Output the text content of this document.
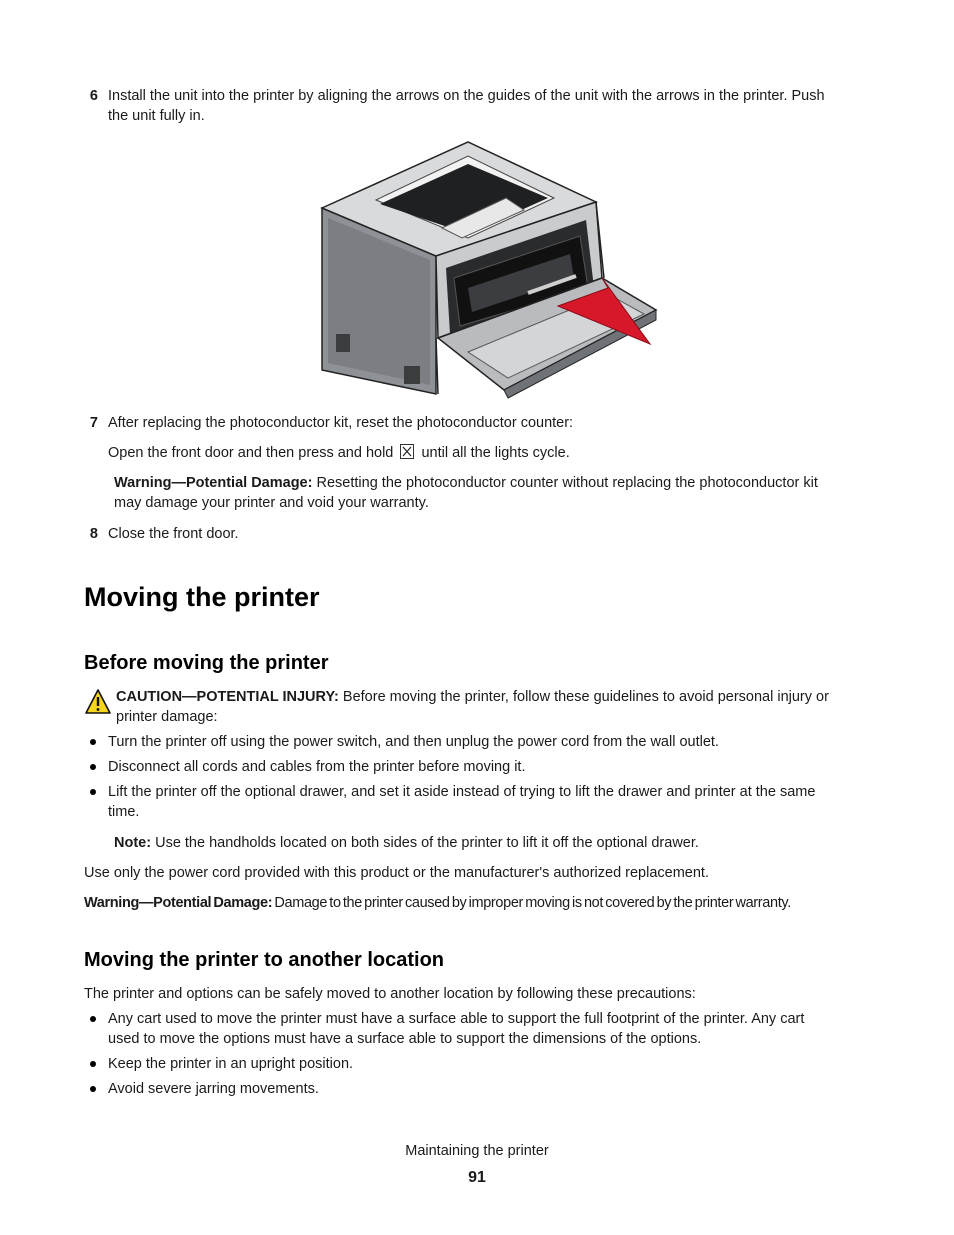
6 Install the unit into the printer by aligning the arrows on the guides of the unit with the arrows in the printer. Push
the unit fully in.
7 After replacing the photoconductor kit, reset the photoconductor counter:
Open the front door and then press and hold until all the lights cycle.
Warning—Potential Damage: Resetting the photoconductor counter without replacing the photoconductor kit
may damage your printer and void your warranty.
8 Close the front door.
Moving the printer
Before moving the printer
CAUTION—POTENTIAL INJURY: Before moving the printer, follow these guidelines to avoid personal injury or
printer damage:
Turn the printer off using the power switch, and then unplug the power cord from the wall outlet.
Disconnect all cords and cables from the printer before moving it.
Lift the printer off the optional drawer, and set it aside instead of trying to lift the drawer and printer at the same
time.
Note: Use the handholds located on both sides of the printer to lift it off the optional drawer.
Use only the power cord provided with this product or the manufacturer's authorized replacement.
Warning—Potential Damage: Damage to the printer caused by improper moving is not covered by the printer warranty.
Moving the printer to another location
The printer and options can be safely moved to another location by following these precautions:
Any cart used to move the printer must have a surface able to support the full footprint of the printer. Any cart
used to move the options must have a surface able to support the dimensions of the options.
Keep the printer in an upright position.
Avoid severe jarring movements.
Maintaining the printer
91
